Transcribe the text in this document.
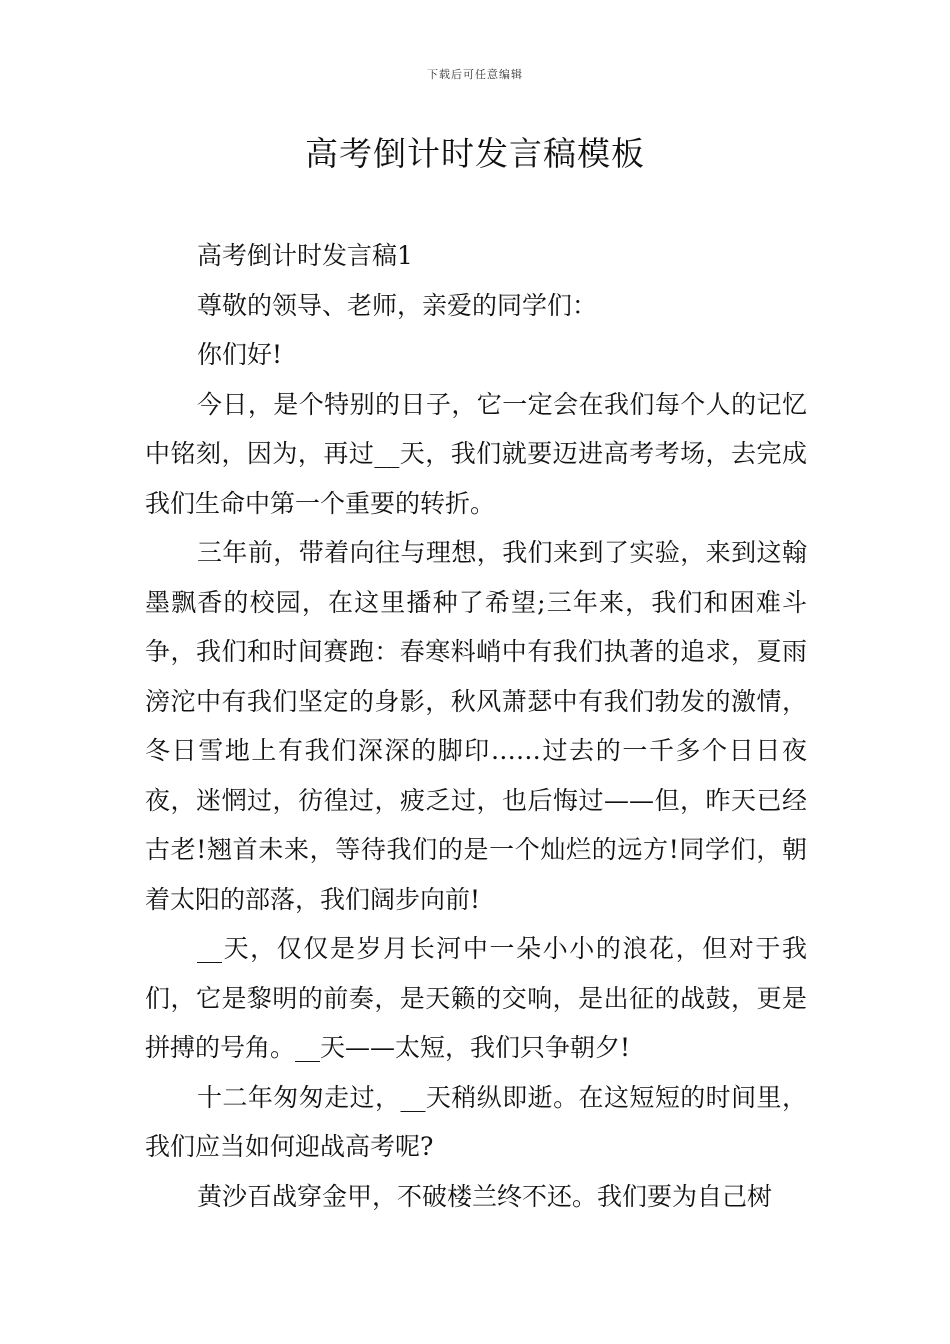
下载后可任意编辑
高考倒计时发言稿模板

高考倒计时发言稿1

尊敬的领导、老师，亲爱的同学们：

你们好!

今日，是个特别的日子，它一定会在我们每个人的记忆中铭刻，因为，再过__天，我们就要迈进高考考场，去完成我们生命中第一个重要的转折。

三年前，带着向往与理想，我们来到了实验，来到这翰墨飘香的校园，在这里播种了希望;三年来，我们和困难斗争，我们和时间赛跑：春寒料峭中有我们执著的追求，夏雨滂沱中有我们坚定的身影，秋风萧瑟中有我们勃发的激情，冬日雪地上有我们深深的脚印……过去的一千多个日日夜夜，迷惘过，彷徨过，疲乏过，也后悔过——但，昨天已经古老!翘首未来，等待我们的是一个灿烂的远方!同学们，朝着太阳的部落，我们阔步向前!

__天，仅仅是岁月长河中一朵小小的浪花，但对于我们，它是黎明的前奏，是天籁的交响，是出征的战鼓，更是拼搏的号角。__天——太短，我们只争朝夕!

十二年匆匆走过，__天稍纵即逝。在这短短的时间里，我们应当如何迎战高考呢?

黄沙百战穿金甲，不破楼兰终不还。我们要为自己树
